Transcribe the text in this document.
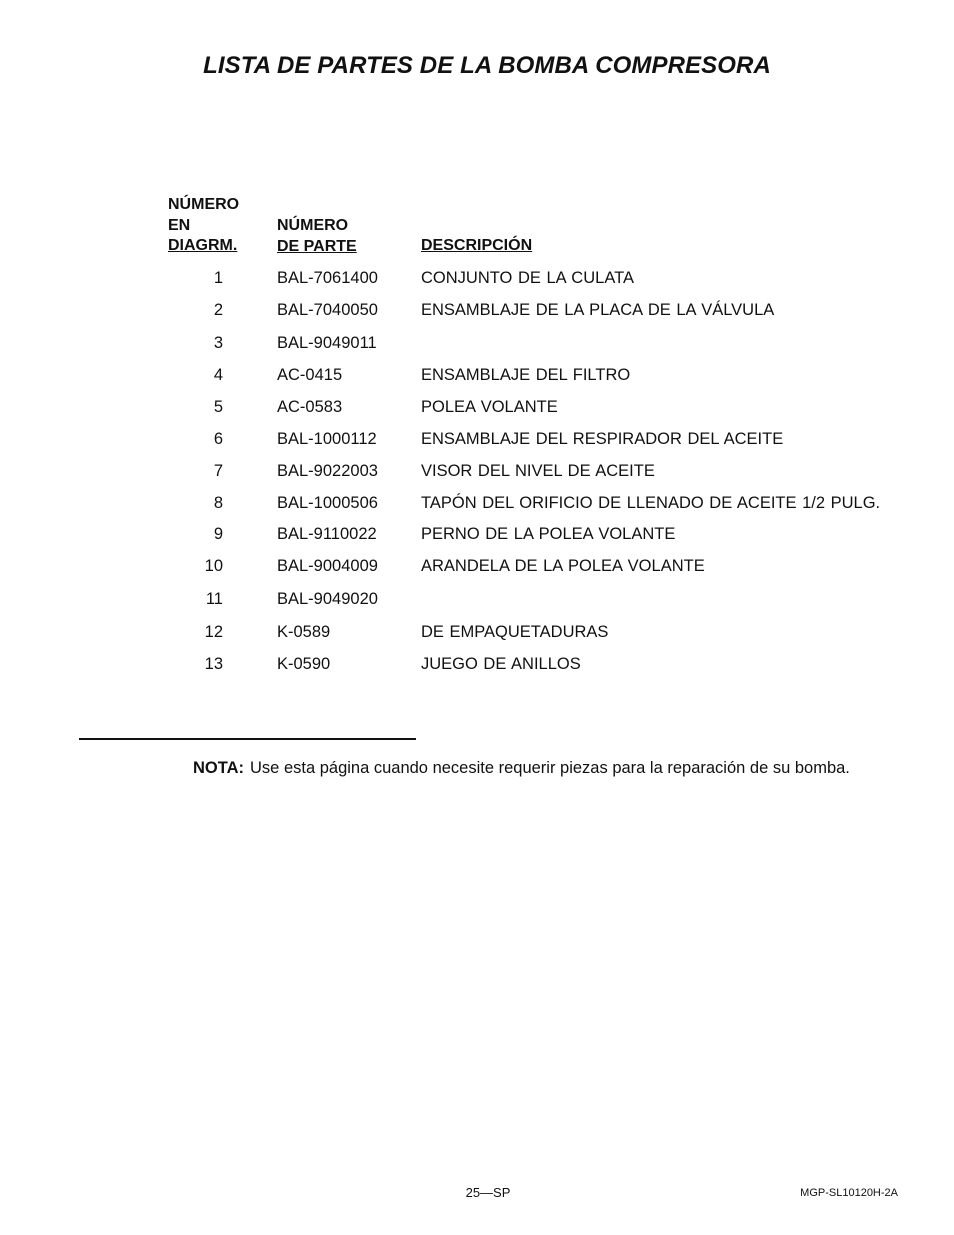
LISTA DE PARTES DE LA BOMBA COMPRESORA
NÚMERO
EN
DIAGRM.
NÚMERO
DE PARTE	DESCRIPCIÓN
1	BAL-7061400	CONJUNTO DE LA CULATA
2	BAL-7040050	ENSAMBLAJE DE LA PLACA DE LA VÁLVULA
3	BAL-9049011
4	AC-0415	ENSAMBLAJE DEL FILTRO
5	AC-0583	POLEA VOLANTE
6	BAL-1000112	ENSAMBLAJE DEL RESPIRADOR DEL ACEITE
7	BAL-9022003	VISOR DEL NIVEL DE ACEITE
8	BAL-1000506	TAPÓN DEL ORIFICIO DE LLENADO DE ACEITE 1/2 PULG.
9	BAL-9110022	PERNO DE LA POLEA VOLANTE
10	BAL-9004009	ARANDELA DE LA POLEA VOLANTE
11	BAL-9049020
12	K-0589	DE EMPAQUETADURAS
13	K-0590	JUEGO DE ANILLOS
NOTA: Use esta página cuando necesite requerir piezas para la reparación de su bomba.
25—SP	MGP-SL10120H-2A
